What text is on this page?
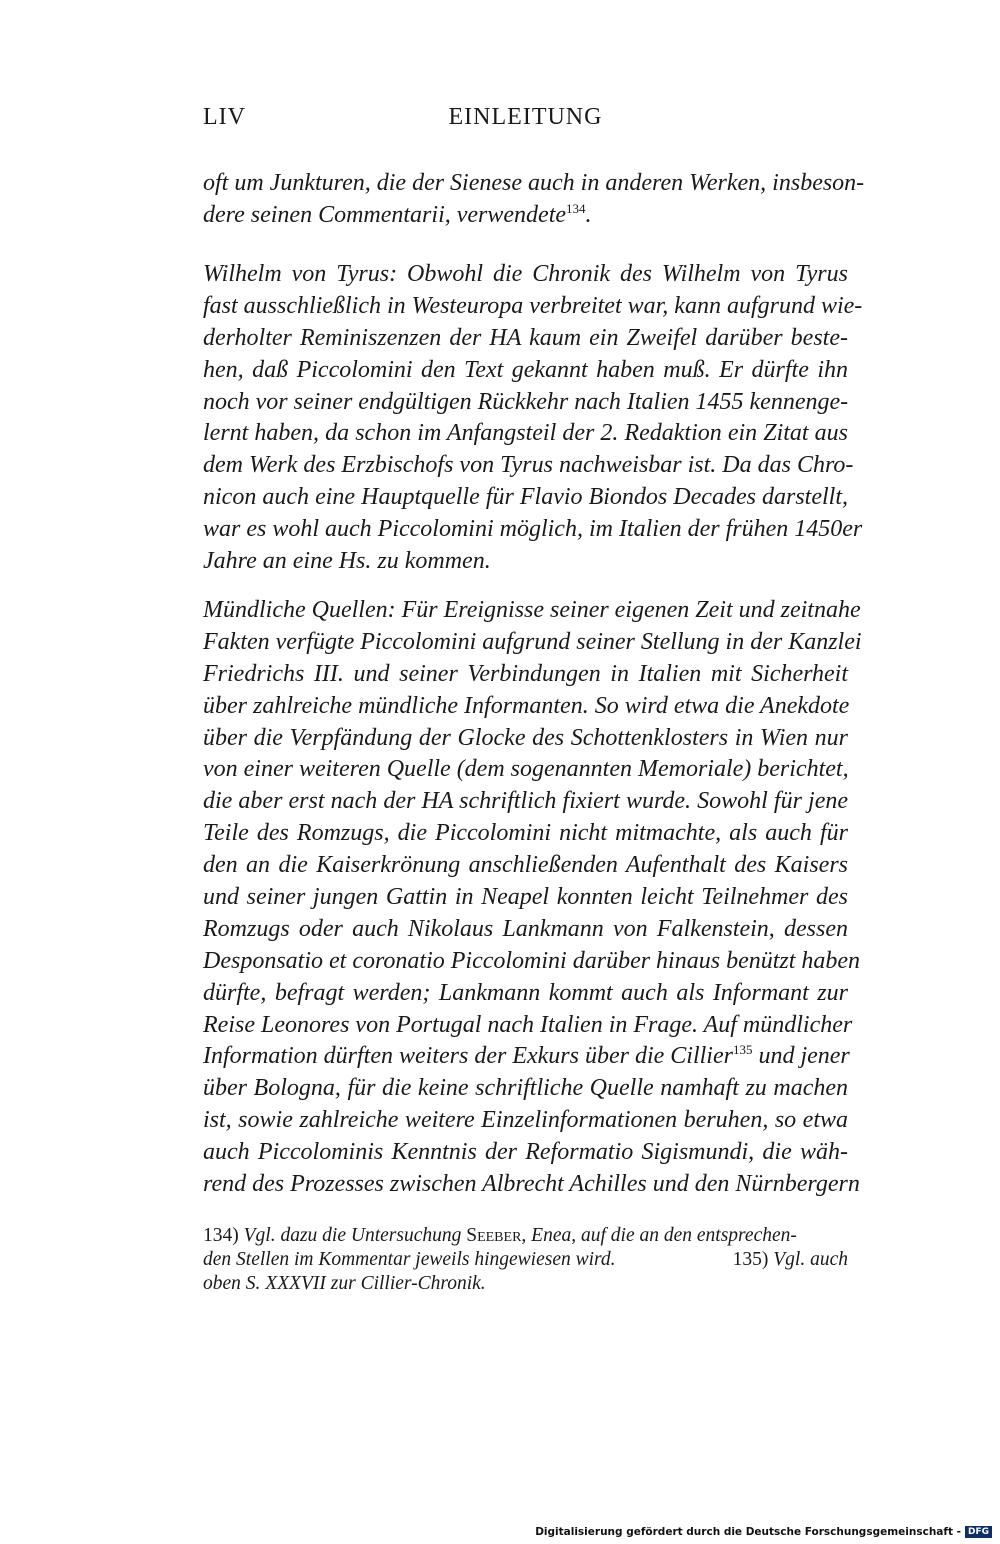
LIV	EINLEITUNG
oft um Junkturen, die der Sienese auch in anderen Werken, insbeson-
dere seinen Commentarii, verwendete$^{134}$.
Wilhelm von Tyrus: Obwohl die Chronik des Wilhelm von Tyrus
fast ausschließlich in Westeuropa verbreitet war, kann aufgrund wie-
derholter Reminiszenzen der HA kaum ein Zweifel darüber beste-
hen, daß Piccolomini den Text gekannt haben muß. Er dürfte ihn
noch vor seiner endgültigen Rückkehr nach Italien 1455 kennenge-
lernt haben, da schon im Anfangsteil der 2. Redaktion ein Zitat aus
dem Werk des Erzbischofs von Tyrus nachweisbar ist. Da das Chro-
nicon auch eine Hauptquelle für Flavio Biondos Decades darstellt,
war es wohl auch Piccolomini möglich, im Italien der frühen 1450er
Jahre an eine Hs. zu kommen.
Mündliche Quellen: Für Ereignisse seiner eigenen Zeit und zeitnahe
Fakten verfügte Piccolomini aufgrund seiner Stellung in der Kanzlei
Friedrichs III. und seiner Verbindungen in Italien mit Sicherheit
über zahlreiche mündliche Informanten. So wird etwa die Anekdote
über die Verpfändung der Glocke des Schottenklosters in Wien nur
von einer weiteren Quelle (dem sogenannten Memoriale) berichtet,
die aber erst nach der HA schriftlich fixiert wurde. Sowohl für jene
Teile des Romzugs, die Piccolomini nicht mitmachte, als auch für
den an die Kaiserkrönung anschließenden Aufenthalt des Kaisers
und seiner jungen Gattin in Neapel konnten leicht Teilnehmer des
Romzugs oder auch Nikolaus Lankmann von Falkenstein, dessen
Desponsatio et coronatio Piccolomini darüber hinaus benützt haben
dürfte, befragt werden; Lankmann kommt auch als Informant zur
Reise Leonores von Portugal nach Italien in Frage. Auf mündlicher
Information dürften weiters der Exkurs über die Cillier$^{135}$ und jener
über Bologna, für die keine schriftliche Quelle namhaft zu machen
ist, sowie zahlreiche weitere Einzelinformationen beruhen, so etwa
auch Piccolominis Kenntnis der Reformatio Sigismundi, die wäh-
rend des Prozesses zwischen Albrecht Achilles und den Nürnbergern
134) Vgl. dazu die Untersuchung Seeber, Enea, auf die an den entsprechen-
den Stellen im Kommentar jeweils hingewiesen wird.	135) Vgl. auch
oben S. XXXVII zur Cillier-Chronik.
Digitalisierung gefördert durch die Deutsche Forschungsgemeinschaft - DFG
